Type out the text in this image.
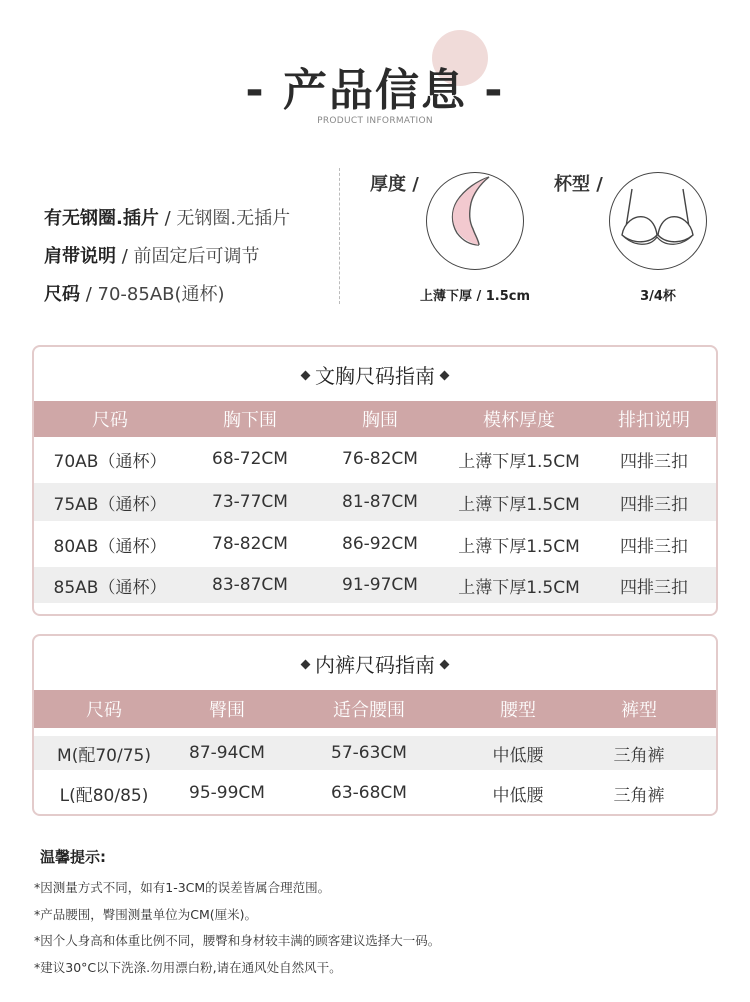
- 产品信息 -
PRODUCT INFORMATION
有无钢圈.插片 / 无钢圈.无插片
肩带说明 / 前固定后可调节
尺码 / 70-85AB(通杯)
厚度 /
上薄下厚 / 1.5cm
杯型 /
3/4杯
文胸尺码指南
尺码	胸下围	胸围	模杯厚度	排扣说明
70AB（通杯）	68-72CM	76-82CM	上薄下厚1.5CM	四排三扣
75AB（通杯）	73-77CM	81-87CM	上薄下厚1.5CM	四排三扣
80AB（通杯）	78-82CM	86-92CM	上薄下厚1.5CM	四排三扣
85AB（通杯）	83-87CM	91-97CM	上薄下厚1.5CM	四排三扣
内裤尺码指南
尺码	臀围	适合腰围	腰型	裤型
M(配70/75)	87-94CM	57-63CM	中低腰	三角裤
L(配80/85)	95-99CM	63-68CM	中低腰	三角裤
温馨提示:
*因测量方式不同，如有1-3CM的误差皆属合理范围。
*产品腰围，臀围测量单位为CM(厘米)。
*因个人身高和体重比例不同，腰臀和身材较丰满的顾客建议选择大一码。
*建议30°C以下洗涤.勿用漂白粉,请在通风处自然风干。
